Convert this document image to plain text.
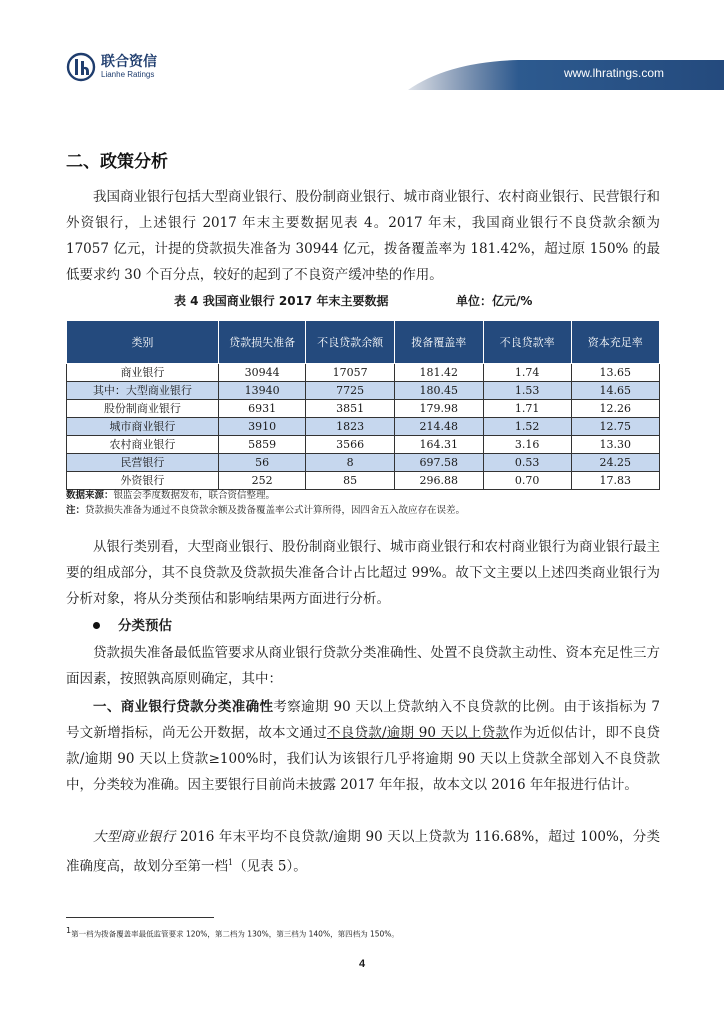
联合资信
Lianhe Ratings	www.lhratings.com
二、政策分析

我国商业银行包括大型商业银行、股份制商业银行、城市商业银行、农村商业银行、民营银行和外资银行，上述银行 2017 年末主要数据见表 4。2017 年末，我国商业银行不良贷款余额为 17057 亿元，计提的贷款损失准备为 30944 亿元，拨备覆盖率为 181.42%，超过原 150% 的最低要求约 30 个百分点，较好的起到了不良资产缓冲垫的作用。

表 4 我国商业银行 2017 年末主要数据	单位：亿元/%
类别	贷款损失准备	不良贷款余额	拨备覆盖率	不良贷款率	资本充足率
商业银行	30944	17057	181.42	1.74	13.65
其中：大型商业银行	13940	7725	180.45	1.53	14.65
股份制商业银行	6931	3851	179.98	1.71	12.26
城市商业银行	3910	1823	214.48	1.52	12.75
农村商业银行	5859	3566	164.31	3.16	13.30
民营银行	56	8	697.58	0.53	24.25
外资银行	252	85	296.88	0.70	17.83
数据来源：银监会季度数据发布，联合资信整理。
注：贷款损失准备为通过不良贷款余额及拨备覆盖率公式计算所得，因四舍五入故应存在误差。

从银行类别看，大型商业银行、股份制商业银行、城市商业银行和农村商业银行为商业银行最主要的组成部分，其不良贷款及贷款损失准备合计占比超过 99%。故下文主要以上述四类商业银行为分析对象，将从分类预估和影响结果两方面进行分析。

分类预估

贷款损失准备最低监管要求从商业银行贷款分类准确性、处置不良贷款主动性、资本充足性三方面因素，按照孰高原则确定，其中：

一、商业银行贷款分类准确性考察逾期 90 天以上贷款纳入不良贷款的比例。由于该指标为 7 号文新增指标，尚无公开数据，故本文通过不良贷款/逾期 90 天以上贷款作为近似估计，即不良贷款/逾期 90 天以上贷款≥100%时，我们认为该银行几乎将逾期 90 天以上贷款全部划入不良贷款中，分类较为准确。因主要银行目前尚未披露 2017 年年报，故本文以 2016 年年报进行估计。

大型商业银行 2016 年末平均不良贷款/逾期 90 天以上贷款为 116.68%，超过 100%，分类准确度高，故划分至第一档$^1$（见表 5）。

$^1$第一档为拨备覆盖率最低监管要求 120%，第二档为 130%，第三档为 140%，第四档为 150%。
4
